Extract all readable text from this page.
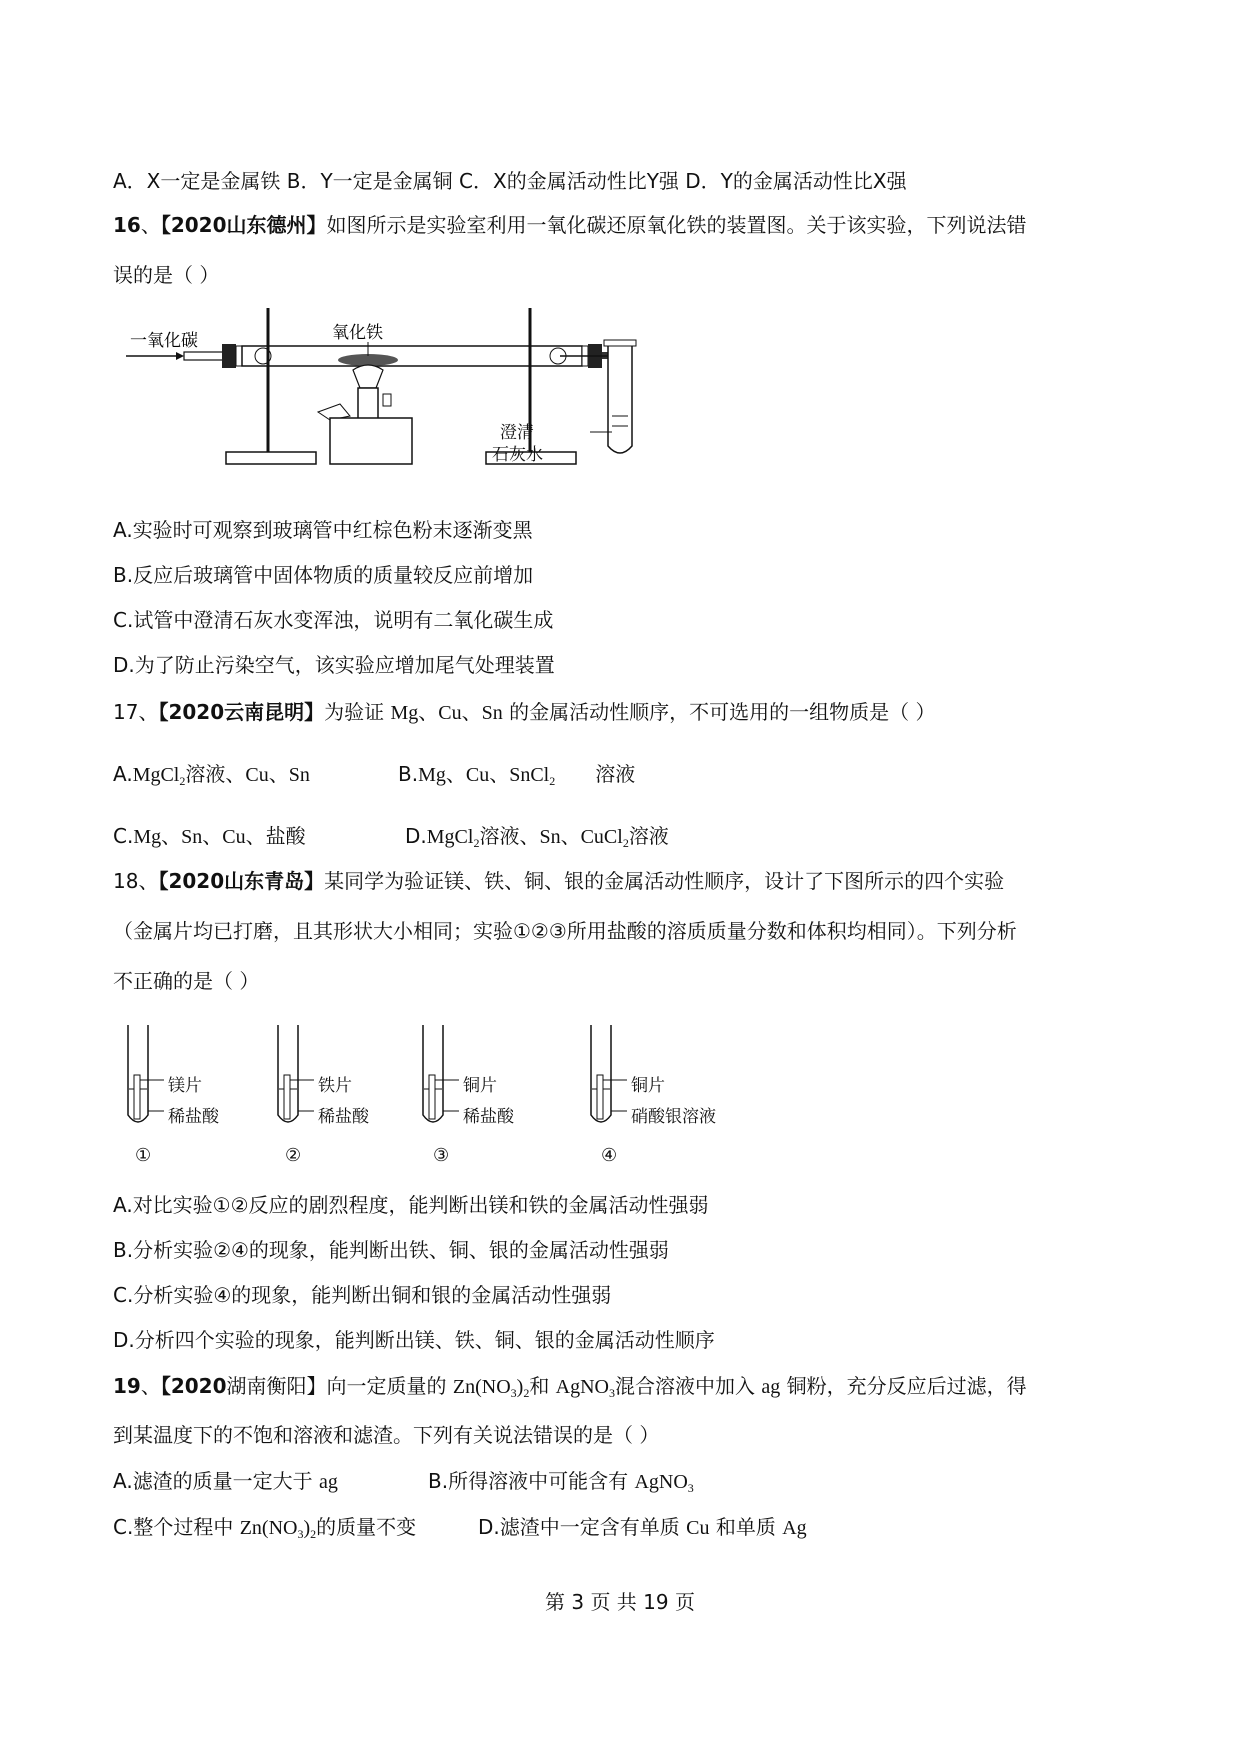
A．X一定是金属铁 B．Y一定是金属铜 C．X的金属活动性比Y强 D．Y的金属活动性比X强
16、【2020山东德州】如图所示是实验室利用一氧化碳还原氧化铁的装置图。关于该实验，下列说法错
误的是（ ）
一氧化碳	氧化铁
澄清
石灰水
A.实验时可观察到玻璃管中红棕色粉末逐渐变黑
B.反应后玻璃管中固体物质的质量较反应前增加
C.试管中澄清石灰水变浑浊，说明有二氧化碳生成
D.为了防止污染空气，该实验应增加尾气处理装置
17、【2020云南昆明】为验证 Mg、Cu、Sn 的金属活动性顺序，不可选用的一组物质是（ ）
A.MgCl$_2$溶液、Cu、Sn	B.Mg、Cu、SnCl$_2$ 溶液
C.Mg、Sn、Cu、盐酸	D.MgCl$_2$溶液、Sn、CuCl$_2$溶液
18、【2020山东青岛】某同学为验证镁、铁、铜、银的金属活动性顺序，设计了下图所示的四个实验
（金属片均已打磨，且其形状大小相同；实验①②③所用盐酸的溶质质量分数和体积均相同）。下列分析
不正确的是（ ）
镁片
稀盐酸
①
铁片
稀盐酸
②
铜片
稀盐酸
③
铜片
硝酸银溶液
④
A.对比实验①②反应的剧烈程度，能判断出镁和铁的金属活动性强弱
B.分析实验②④的现象，能判断出铁、铜、银的金属活动性强弱
C.分析实验④的现象，能判断出铜和银的金属活动性强弱
D.分析四个实验的现象，能判断出镁、铁、铜、银的金属活动性顺序
19、【2020湖南衡阳】向一定质量的 $Zn(NO_3)_2$和 AgNO$_3$混合溶液中加入 ag 铜粉，充分反应后过滤，得
到某温度下的不饱和溶液和滤渣。下列有关说法错误的是（ ）
A.滤渣的质量一定大于 ag	B.所得溶液中可能含有 AgNO$_3$
C.整个过程中 $Zn(NO_3)_2$的质量不变	D.滤渣中一定含有单质 Cu 和单质 Ag
第 3 页 共 19 页
